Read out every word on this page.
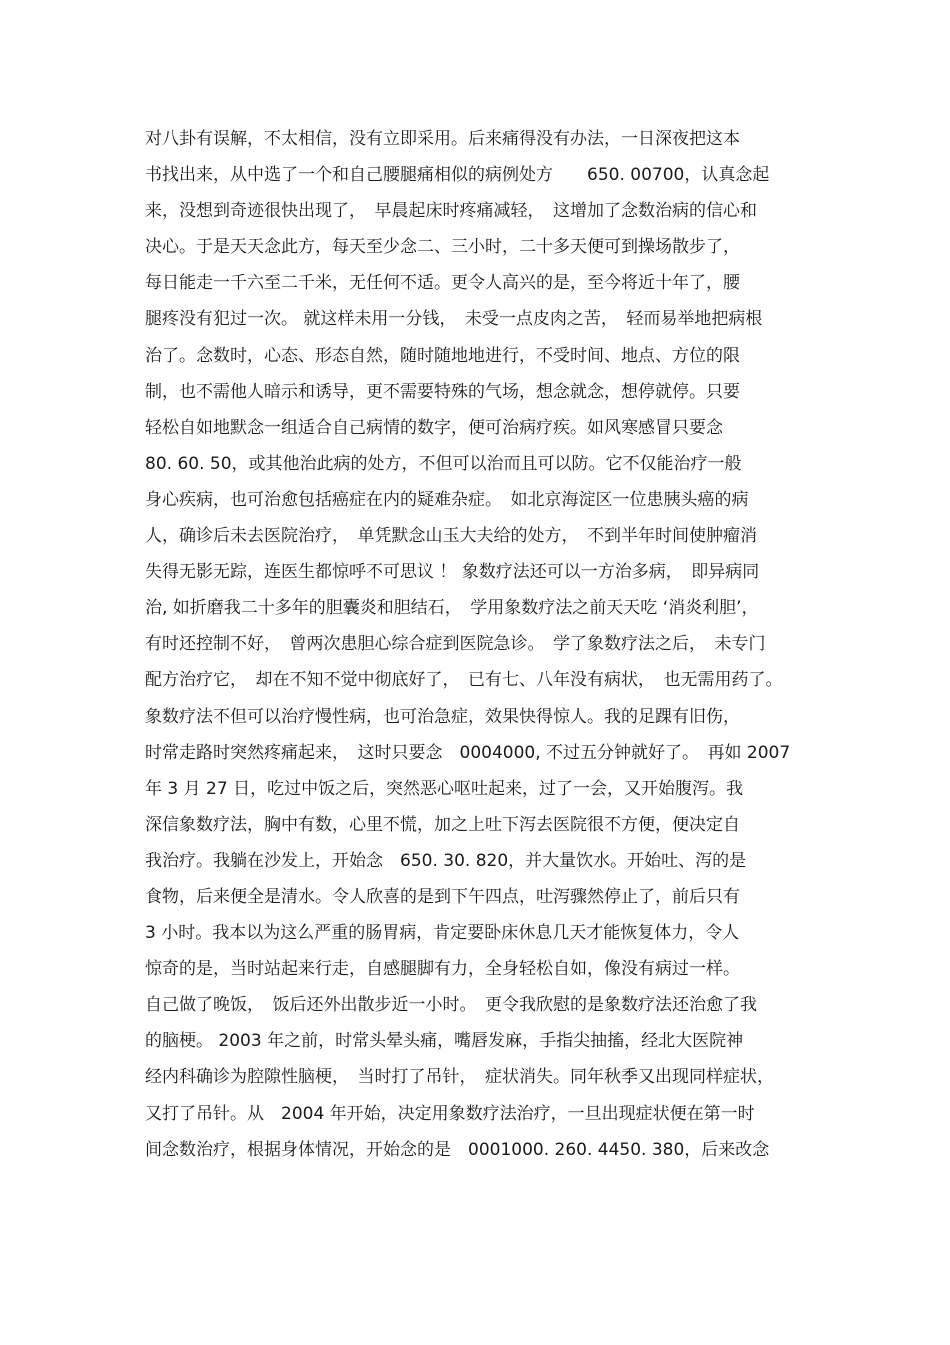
对八卦有误解，不太相信，没有立即采用。后来痛得没有办法，一日深夜把这本
书找出来，从中选了一个和自己腰腿痛相似的病例处方　　650. 00700，认真念起
来，没想到奇迹很快出现了，　早晨起床时疼痛减轻，　这增加了念数治病的信心和
决心。于是天天念此方，每天至少念二、三小时，二十多天便可到操场散步了，
每日能走一千六至二千米，无任何不适。更令人高兴的是，至今将近十年了，腰
腿疼没有犯过一次。 就这样未用一分钱，　未受一点皮肉之苦，　轻而易举地把病根
治了。念数时，心态、形态自然，随时随地地进行，不受时间、地点、方位的限
制，也不需他人暗示和诱导，更不需要特殊的气场，想念就念，想停就停。只要
轻松自如地默念一组适合自己病情的数字，便可治病疗疾。如风寒感冒只要念
80. 60. 50，或其他治此病的处方，不但可以治而且可以防。它不仅能治疗一般
身心疾病，也可治愈包括癌症在内的疑难杂症。　如北京海淀区一位患胰头癌的病
人，确诊后未去医院治疗，　单凭默念山玉大夫给的处方，　不到半年时间使肿瘤消
失得无影无踪，连医生都惊呼不可思议 ！ 象数疗法还可以一方治多病，　即异病同
治, 如折磨我二十多年的胆囊炎和胆结石，　学用象数疗法之前天天吃 ‘消炎利胆’，
有时还控制不好，　曾两次患胆心综合症到医院急诊。　学了象数疗法之后，　未专门
配方治疗它，　却在不知不觉中彻底好了，　已有七、八年没有病状，　也无需用药了。
象数疗法不但可以治疗慢性病，也可治急症，效果快得惊人。我的足踝有旧伤，
时常走路时突然疼痛起来，　这时只要念　0004000, 不过五分钟就好了。　再如 2007
年 3 月 27 日，吃过中饭之后，突然恶心呕吐起来，过了一会，又开始腹泻。我
深信象数疗法，胸中有数，心里不慌，加之上吐下泻去医院很不方便，便决定自
我治疗。我躺在沙发上，开始念　650. 30. 820，并大量饮水。开始吐、泻的是
食物，后来便全是清水。令人欣喜的是到下午四点，吐泻骤然停止了，前后只有
3 小时。我本以为这么严重的肠胃病，肯定要卧床休息几天才能恢复体力，令人
惊奇的是，当时站起来行走，自感腿脚有力，全身轻松自如，像没有病过一样。
自己做了晚饭，　饭后还外出散步近一小时。　更令我欣慰的是象数疗法还治愈了我
的脑梗。 2003 年之前，时常头晕头痛，嘴唇发麻，手指尖抽搐，经北大医院神
经内科确诊为腔隙性脑梗，　当时打了吊针，　症状消失。同年秋季又出现同样症状，
又打了吊针。从　2004 年开始，决定用象数疗法治疗，一旦出现症状便在第一时
间念数治疗，根据身体情况，开始念的是　0001000. 260. 4450. 380，后来改念
